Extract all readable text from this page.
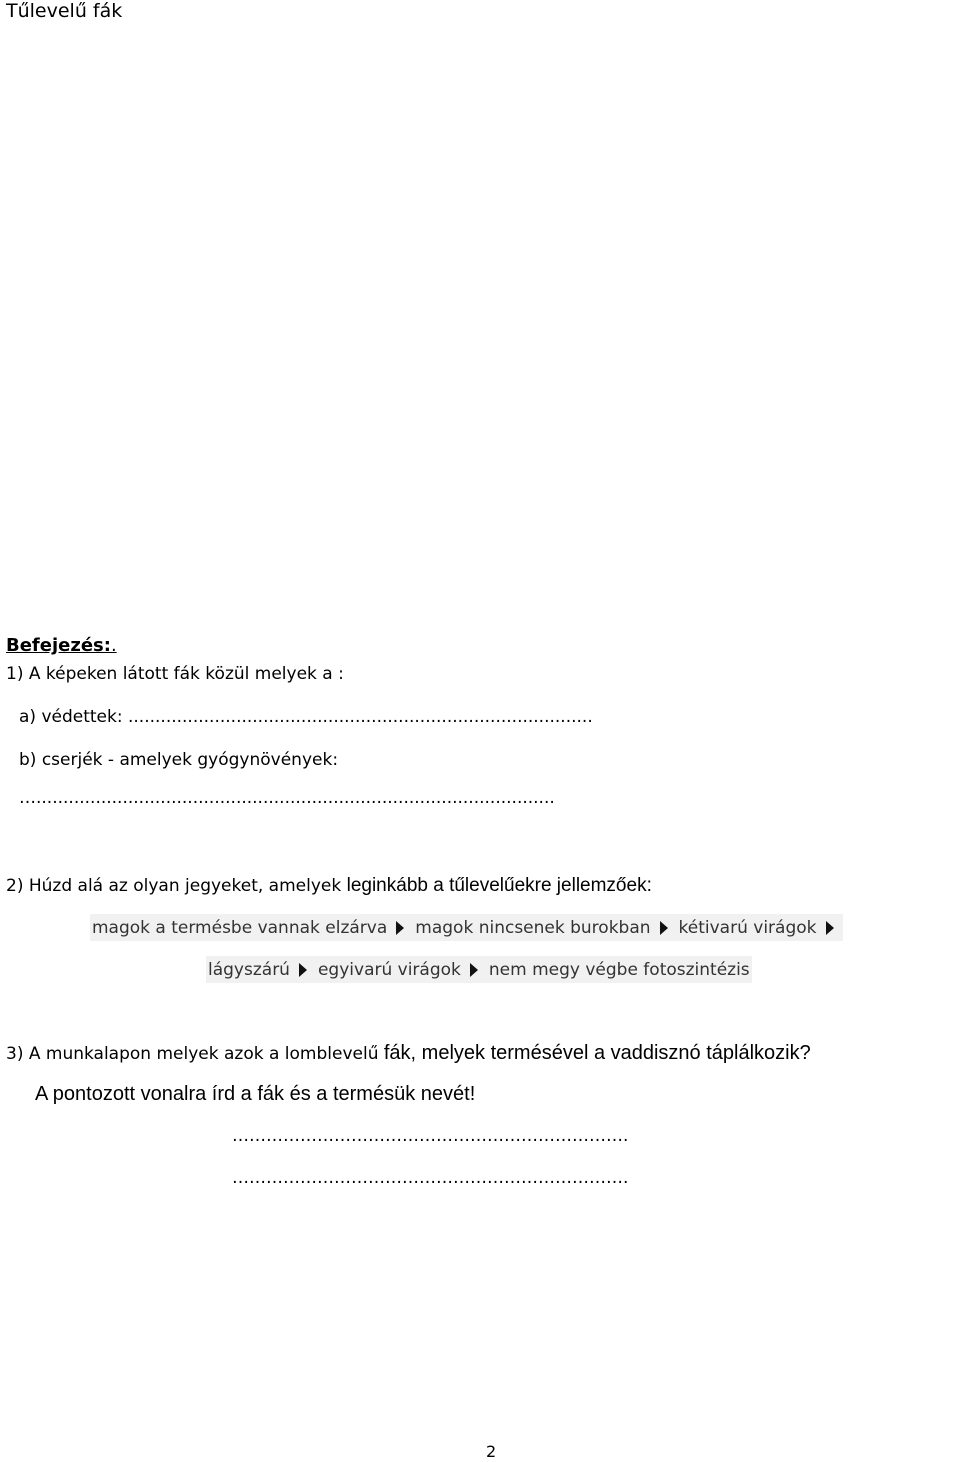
Tűlevelű fák
Befejezés:.
1) A képeken látott fák közül melyek a :
a) védettek: ......................................................................................
b) cserjék - amelyek gyógynövények:
…................................................................................................
2) Húzd alá az olyan jegyeket, amelyek leginkább a tűlevelűekre jellemzőek:
magok a termésbe vannak elzárva magok nincsenek burokban kétivarú virágok
lágyszárú egyivarú virágok nem megy végbe fotoszintézis
3) A munkalapon melyek azok a lomblevelű fák, melyek termésével a vaddisznó táplálkozik?
A pontozott vonalra írd a fák és a termésük nevét!
…………………………………………………………….
…………………………………………………………….
2
